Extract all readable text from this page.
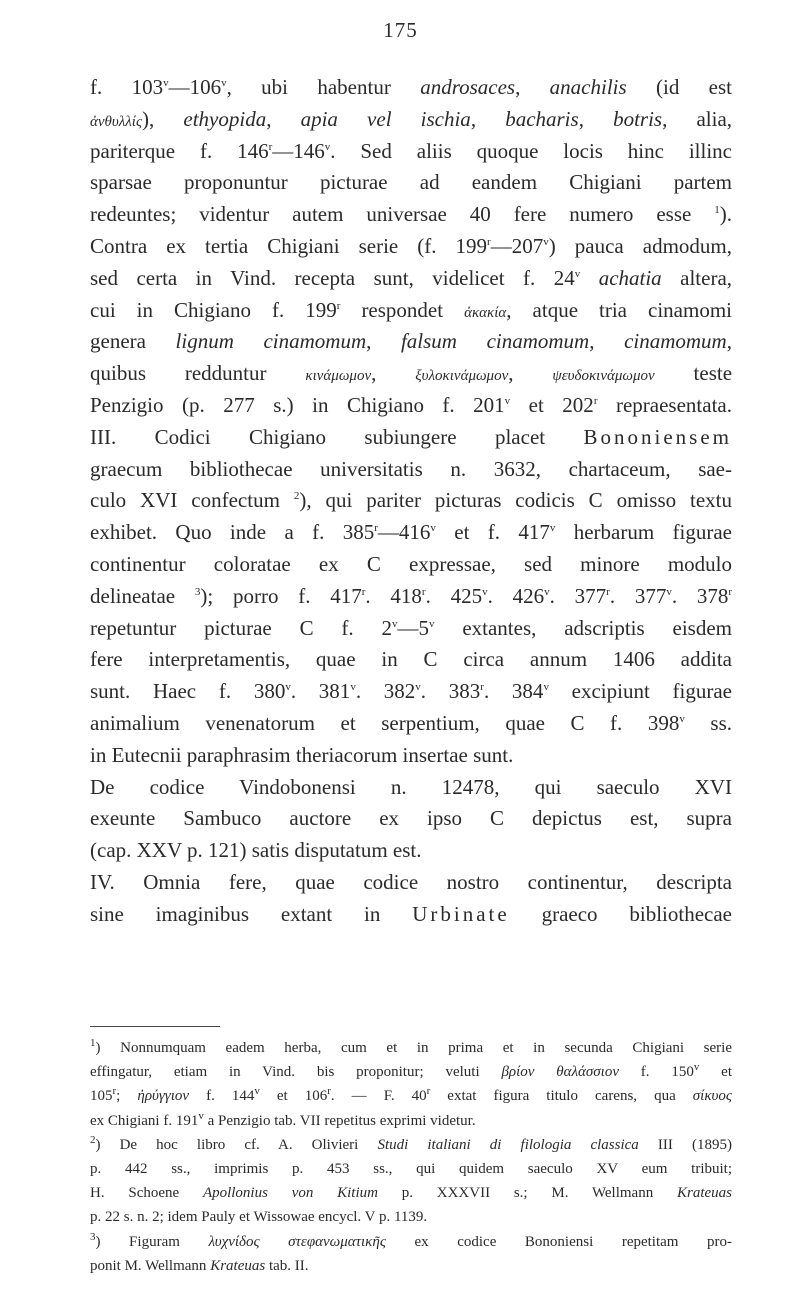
175
f. 103$^v$—106$^v$, ubi habentur androsaces, anachilis (id est
ἀνθυλλίς), ethyopida, apia vel ischia, bacharis, botris, alia,
pariterque f. 146$^r$—146$^v$. Sed aliis quoque locis hinc illinc
sparsae proponuntur picturae ad eandem Chigiani partem
redeuntes; videntur autem universae 40 fere numero esse $^1$).
Contra ex tertia Chigiani serie (f. 199$^r$—207$^v$) pauca admodum,
sed certa in Vind. recepta sunt, videlicet f. 24$^v$ achatia altera,
cui in Chigiano f. 199$^r$ respondet ἀκακία, atque tria cinamomi
genera lignum cinamomum, falsum cinamomum, cinamomum,
quibus redduntur κινάμωμον, ξυλοκινάμωμον, ψευδοκινάμωμον teste
Penzigio (p. 277 s.) in Chigiano f. 201$^v$ et 202$^r$ repraesentata.
III. Codici Chigiano subiungere placet Bononiensem
graecum bibliothecae universitatis n. 3632, chartaceum, sae-
culo XVI confectum $^2$), qui pariter picturas codicis C omisso textu
exhibet. Quo inde a f. 385$^r$—416$^v$ et f. 417$^v$ herbarum figurae
continentur coloratae ex C expressae, sed minore modulo
delineatae $^3$); porro f. 417$^r$. 418$^r$. 425$^v$. 426$^v$. 377$^r$. 377$^v$. 378$^r$
repetuntur picturae C f. 2$^v$—5$^v$ extantes, adscriptis eisdem
fere interpretamentis, quae in C circa annum 1406 addita
sunt. Haec f. 380$^v$. 381$^v$. 382$^v$. 383$^r$. 384$^v$ excipiunt figurae
animalium venenatorum et serpentium, quae C f. 398$^v$ ss.
in Eutecnii paraphrasim theriacorum insertae sunt.
De codice Vindobonensi n. 12478, qui saeculo XVI
exeunte Sambuco auctore ex ipso C depictus est, supra
(cap. XXV p. 121) satis disputatum est.
IV. Omnia fere, quae codice nostro continentur, descripta
sine imaginibus extant in Urbinate graeco bibliothecae
$^1$) Nonnumquam eadem herba, cum et in prima et in secunda Chigiani serie
effingatur, etiam in Vind. bis proponitur; veluti βρίον θαλάσσιον f. 150$^v$ et
105$^r$; ἠρύγγιον f. 144$^v$ et 106$^r$. — F. 40$^r$ extat figura titulo carens, qua σίκυος
ex Chigiani f. 191$^v$ a Penzigio tab. VII repetitus exprimi videtur.
$^2$) De hoc libro cf. A. Olivieri Studi italiani di filologia classica III (1895)
p. 442 ss., imprimis p. 453 ss., qui quidem saeculo XV eum tribuit;
H. Schoene Apollonius von Kitium p. XXXVII s.; M. Wellmann Krateuas
p. 22 s. n. 2; idem Pauly et Wissowae encycl. V p. 1139.
$^3$) Figuram λυχνίδος στεφανωματικῆς ex codice Bononiensi repetitam pro-
ponit M. Wellmann Krateuas tab. II.
